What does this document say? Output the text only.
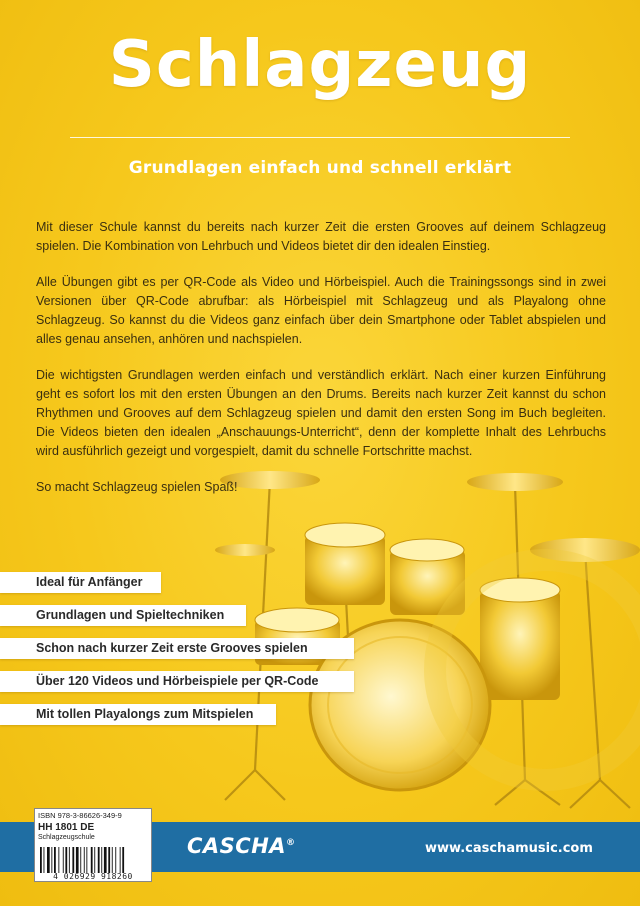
Schlagzeug
Grundlagen einfach und schnell erklärt

Mit dieser Schule kannst du bereits nach kurzer Zeit die ersten Grooves auf deinem Schlagzeug spielen. Die Kombination von Lehrbuch und Videos bietet dir den idealen Einstieg.

Alle Übungen gibt es per QR-Code als Video und Hörbeispiel. Auch die Trainingssongs sind in zwei Versionen über QR-Code abrufbar: als Hörbeispiel mit Schlagzeug und als Playalong ohne Schlagzeug. So kannst du die Videos ganz einfach über dein Smartphone oder Tablet abspielen und alles genau ansehen, anhören und nachspielen.

Die wichtigsten Grundlagen werden einfach und verständlich erklärt. Nach einer kurzen Einführung geht es sofort los mit den ersten Übungen an den Drums. Bereits nach kurzer Zeit kannst du schon Rhythmen und Grooves auf dem Schlagzeug spielen und damit den ersten Song im Buch begleiten. Die Videos bieten den idealen „Anschauungs-Unterricht“, denn der komplette Inhalt des Lehrbuchs wird ausführlich gezeigt und vorgespielt, damit du schnelle Fortschritte machst.

So macht Schlagzeug spielen Spaß!

Ideal für Anfänger
Grundlagen und Spieltechniken
Schon nach kurzer Zeit erste Grooves spielen
Über 120 Videos und Hörbeispiele per QR-Code
Mit tollen Playalongs zum Mitspielen
ISBN 978-3-86626-349-9
HH 1801 DE
Schlagzeugschule
4 026929 918260
CASCHA®	www.caschamusic.com
